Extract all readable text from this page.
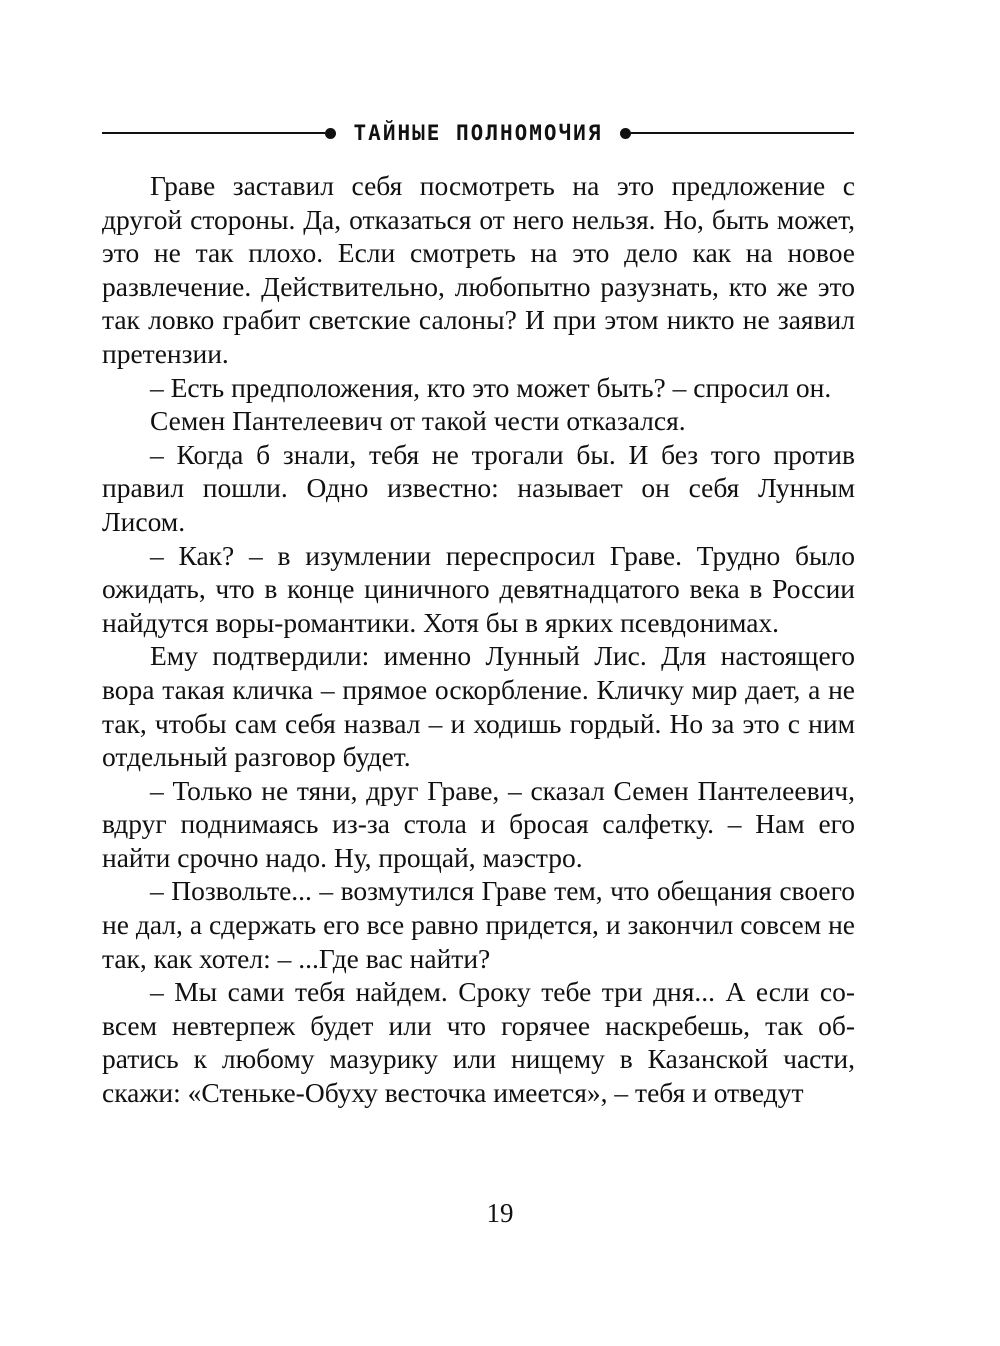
ТАЙНЫЕ ПОЛНОМОЧИЯ

Граве заставил себя посмотреть на это предложение с другой стороны. Да, отказаться от него нельзя. Но, быть может, это не так плохо. Если смотреть на это дело как на новое развлечение. Действительно, любопытно разузнать, кто же это так ловко грабит светские салоны? И при этом никто не заявил претензии.

– Есть предположения, кто это может быть? – спросил он.

Семен Пантелеевич от такой чести отказался.

– Когда б знали, тебя не трогали бы. И без того против правил пошли. Одно известно: называет он себя Лунным Лисом.

– Как? – в изумлении переспросил Граве. Трудно было ожидать, что в конце циничного девятнадцатого века в России найдутся воры-романтики. Хотя бы в ярких псевдонимах.

Ему подтвердили: именно Лунный Лис. Для настоящего вора такая кличка – прямое оскорбление. Кличку мир дает, а не так, чтобы сам себя назвал – и ходишь гордый. Но за это с ним отдельный разговор будет.

– Только не тяни, друг Граве, – сказал Семен Пантелеевич, вдруг поднимаясь из-за стола и бросая салфетку. – Нам его найти срочно надо. Ну, прощай, маэстро.

– Позвольте... – возмутился Граве тем, что обещания своего не дал, а сдержать его все равно придется, и закончил совсем не так, как хотел: – ...Где вас найти?

– Мы сами тебя найдем. Сроку тебе три дня... А если совсем невтерпеж будет или что горячее наскребешь, так обратись к любому мазурику или нищему в Казанской части, скажи: «Стеньке-Обуху весточка имеется», – тебя и отведут

19
